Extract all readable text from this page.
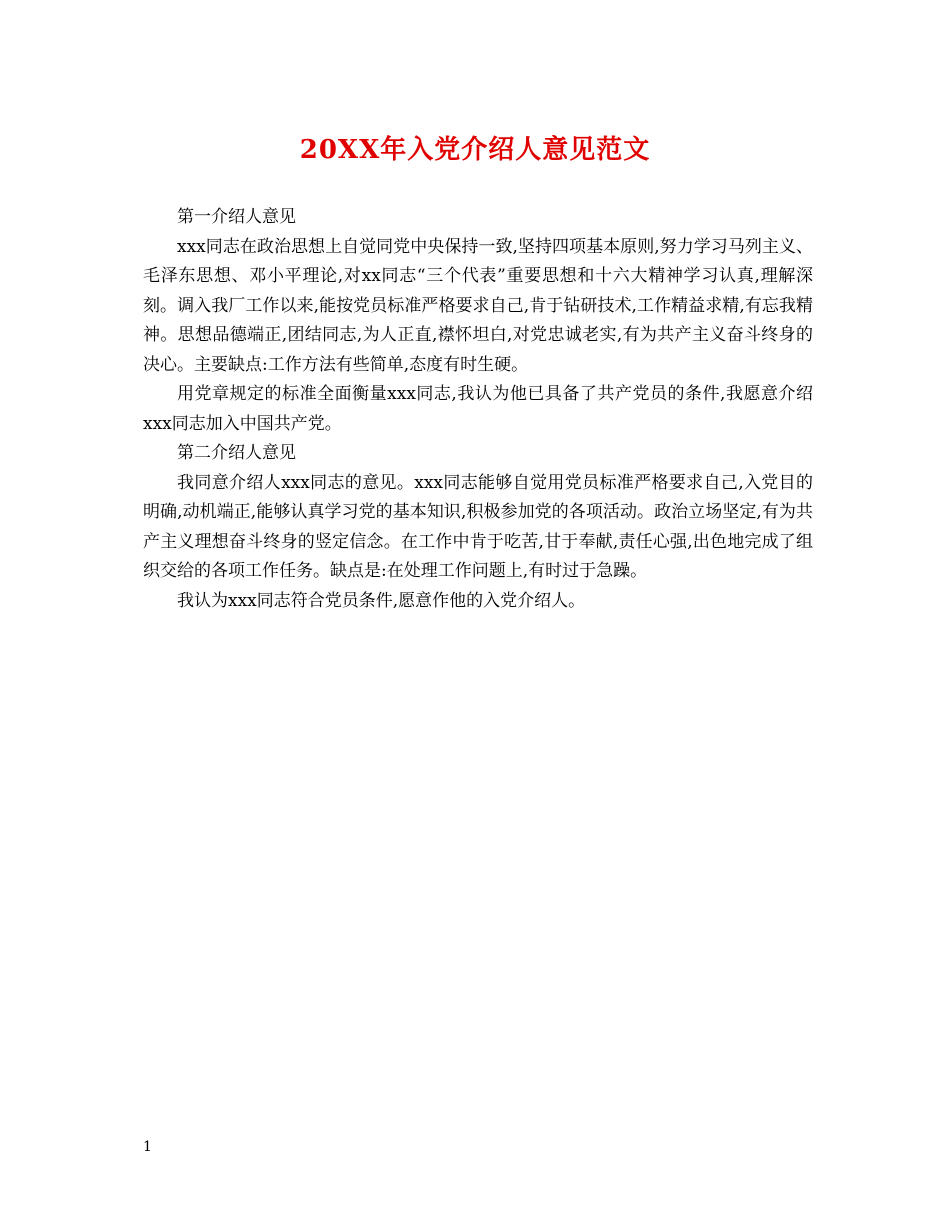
20XX年入党介绍人意见范文

第一介绍人意见

xxx同志在政治思想上自觉同党中央保持一致,坚持四项基本原则,努力学习马列主义、毛泽东思想、邓小平理论,对xx同志“三个代表”重要思想和十六大精神学习认真,理解深刻。调入我厂工作以来,能按党员标准严格要求自己,肯于钻研技术,工作精益求精,有忘我精神。思想品德端正,团结同志,为人正直,襟怀坦白,对党忠诚老实,有为共产主义奋斗终身的决心。主要缺点:工作方法有些简单,态度有时生硬。

用党章规定的标准全面衡量xxx同志,我认为他已具备了共产党员的条件,我愿意介绍xxx同志加入中国共产党。

第二介绍人意见

我同意介绍人xxx同志的意见。xxx同志能够自觉用党员标准严格要求自己,入党目的明确,动机端正,能够认真学习党的基本知识,积极参加党的各项活动。政治立场坚定,有为共产主义理想奋斗终身的竖定信念。在工作中肯于吃苦,甘于奉献,责任心强,出色地完成了组织交给的各项工作任务。缺点是:在处理工作问题上,有时过于急躁。

我认为xxx同志符合党员条件,愿意作他的入党介绍人。

1
